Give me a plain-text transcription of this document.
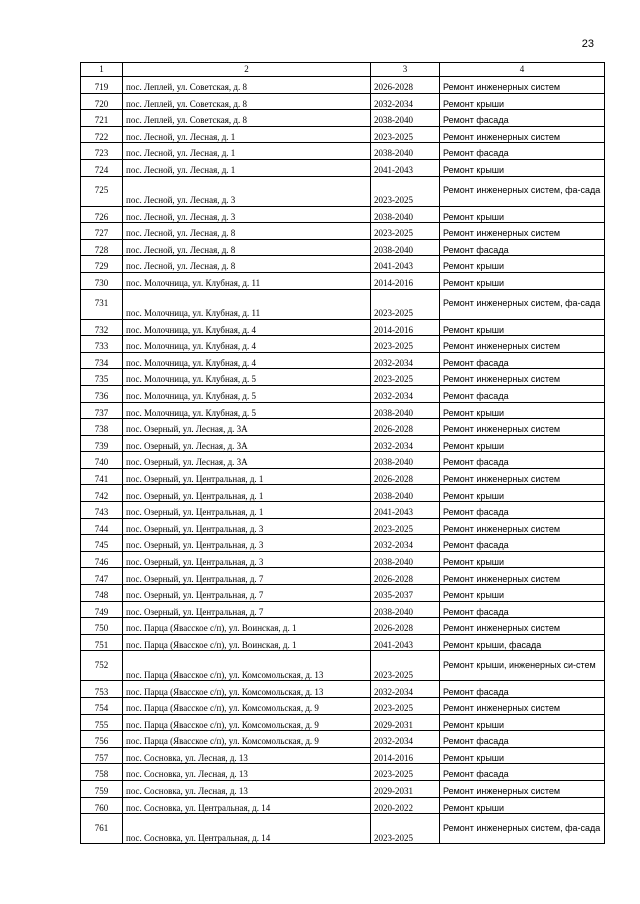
23
1	2	3	4
719	пос. Леплей, ул. Советская, д. 8	2026-2028	Ремонт инженерных систем
720	пос. Леплей, ул. Советская, д. 8	2032-2034	Ремонт крыши
721	пос. Леплей, ул. Советская, д. 8	2038-2040	Ремонт фасада
722	пос. Лесной, ул. Лесная, д. 1	2023-2025	Ремонт инженерных систем
723	пос. Лесной, ул. Лесная, д. 1	2038-2040	Ремонт фасада
724	пос. Лесной, ул. Лесная, д. 1	2041-2043	Ремонт крыши
725	пос. Лесной, ул. Лесная, д. 3	2023-2025	Ремонт инженерных систем, фа-сада
726	пос. Лесной, ул. Лесная, д. 3	2038-2040	Ремонт крыши
727	пос. Лесной, ул. Лесная, д. 8	2023-2025	Ремонт инженерных систем
728	пос. Лесной, ул. Лесная, д. 8	2038-2040	Ремонт фасада
729	пос. Лесной, ул. Лесная, д. 8	2041-2043	Ремонт крыши
730	пос. Молочница, ул. Клубная, д. 11	2014-2016	Ремонт крыши
731	пос. Молочница, ул. Клубная, д. 11	2023-2025	Ремонт инженерных систем, фа-сада
732	пос. Молочница, ул. Клубная, д. 4	2014-2016	Ремонт крыши
733	пос. Молочница, ул. Клубная, д. 4	2023-2025	Ремонт инженерных систем
734	пос. Молочница, ул. Клубная, д. 4	2032-2034	Ремонт фасада
735	пос. Молочница, ул. Клубная, д. 5	2023-2025	Ремонт инженерных систем
736	пос. Молочница, ул. Клубная, д. 5	2032-2034	Ремонт фасада
737	пос. Молочница, ул. Клубная, д. 5	2038-2040	Ремонт крыши
738	пос. Озерный, ул. Лесная, д. 3А	2026-2028	Ремонт инженерных систем
739	пос. Озерный, ул. Лесная, д. 3А	2032-2034	Ремонт крыши
740	пос. Озерный, ул. Лесная, д. 3А	2038-2040	Ремонт фасада
741	пос. Озерный, ул. Центральная, д. 1	2026-2028	Ремонт инженерных систем
742	пос. Озерный, ул. Центральная, д. 1	2038-2040	Ремонт крыши
743	пос. Озерный, ул. Центральная, д. 1	2041-2043	Ремонт фасада
744	пос. Озерный, ул. Центральная, д. 3	2023-2025	Ремонт инженерных систем
745	пос. Озерный, ул. Центральная, д. 3	2032-2034	Ремонт фасада
746	пос. Озерный, ул. Центральная, д. 3	2038-2040	Ремонт крыши
747	пос. Озерный, ул. Центральная, д. 7	2026-2028	Ремонт инженерных систем
748	пос. Озерный, ул. Центральная, д. 7	2035-2037	Ремонт крыши
749	пос. Озерный, ул. Центральная, д. 7	2038-2040	Ремонт фасада
750	пос. Парца (Явасское с/п), ул. Воинская, д. 1	2026-2028	Ремонт инженерных систем
751	пос. Парца (Явасское с/п), ул. Воинская, д. 1	2041-2043	Ремонт крыши, фасада
752	пос. Парца (Явасское с/п), ул. Комсомольская, д. 13	2023-2025	Ремонт крыши, инженерных си-стем
753	пос. Парца (Явасское с/п), ул. Комсомольская, д. 13	2032-2034	Ремонт фасада
754	пос. Парца (Явасское с/п), ул. Комсомольская, д. 9	2023-2025	Ремонт инженерных систем
755	пос. Парца (Явасское с/п), ул. Комсомольская, д. 9	2029-2031	Ремонт крыши
756	пос. Парца (Явасское с/п), ул. Комсомольская, д. 9	2032-2034	Ремонт фасада
757	пос. Сосновка, ул. Лесная, д. 13	2014-2016	Ремонт крыши
758	пос. Сосновка, ул. Лесная, д. 13	2023-2025	Ремонт фасада
759	пос. Сосновка, ул. Лесная, д. 13	2029-2031	Ремонт инженерных систем
760	пос. Сосновка, ул. Центральная, д. 14	2020-2022	Ремонт крыши
761	пос. Сосновка, ул. Центральная, д. 14	2023-2025	Ремонт инженерных систем, фа-сада
